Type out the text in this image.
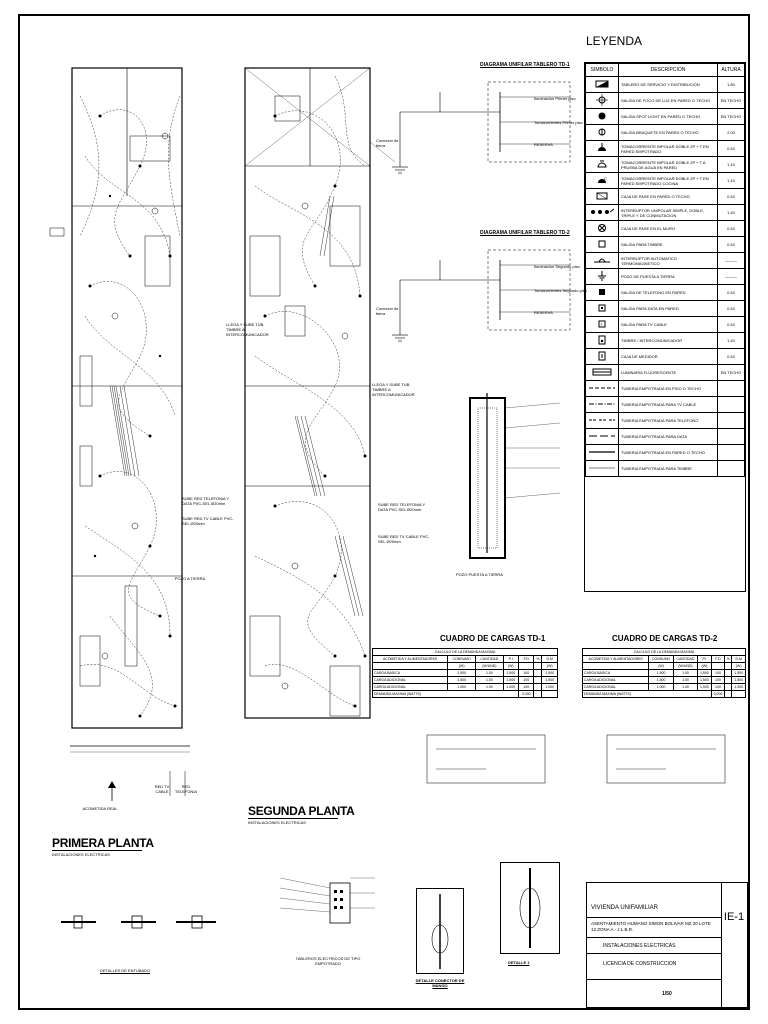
POZO A TIERRA
ACOMETIDA REAL
RED TV CABLE
RED TELEFONIA
PRIMERA PLANTA
INSTALACIONES ELECTRICAS
LLEGA Y SUBE TUB. TIMBRE A INTERCOMUNICADOR
LLEGA Y SUBE TUB. TIMBRE A INTERCOMUNICADOR
SUBE RED TELEFONIA Y DATA PVC-SEL Ø20mm
SUBE RED TV CABLE PVC-SEL Ø20mm
SUBE RED TELEFONIA Y DATA PVC-SEL Ø20mm
SUBE RED TV CABLE PVC-SEL Ø20mm
SEGUNDA PLANTA
INSTALACIONES ELECTRICAS
DIAGRAMA UNIFILAR TABLERO TD-1
Iluminacion Primer piso
Tomacorrientes Primer piso
RESERVA
Conexion de tierra
DIAGRAMA UNIFILAR TABLERO TD-2
Iluminacion Segundo piso
Tomacorrientes Segundo piso
RESERVA
Conexion de tierra
POZO PUESTA A TIERRA
LEYENDA
SIMBOLO	DESCRIPCION	ALTURA
	TABLERO DE SERVICIO Y DISTRIBUCION	1.80
	SALIDA DE FOCO DE LUZ EN PARED O TECHO	EN TECHO
	SALIDA SPOT LIGHT EN PARED O TECHO	EN TECHO
	SALIDA BRAQUETE EN PARED O TECHO	2.00
	TOMACORRIENTE BIPOLAR DOBLE 2P + T EN PARED EMPOTRADO	0.40
	TOMACORRIENTE BIPOLAR DOBLE 2P + T A PRUEBA DE AGUA EN PARED	1.10

C	TOMACORRIENTE BIPOLAR DOBLE 2P + T EN PARED EMPOTRADO COCINA	1.10
	CAJA DE PASE EN PARED O TECHO	0.40
	INTERRUPTOR UNIPOLAR SIMPLE, DOBLE, TRIPLE Y DE CONMUTACION	1.40
	CAJA DE PASE EN EL MURO	0.40
	SALIDA PARA TIMBRE	0.40
	INTERRUPTOR AUTOMATICO TERMOMAGNETICO	———
	POZO DE PUESTA A TIERRA	———
	SALIDA DE TELEFONO EN PARED	0.40
	SALIDA PARA DATA EN PARED	0.40

T	SALIDA PARA TV CABLE	0.40
	TIMBRE / INTERCOMUNICADOR	1.40
	CAJA DE MEDIDOR	0.40
	LUMINARIA FLUORESCENTE	EN TECHO
	TUBERIA EMPOTRADA EN PISO O TECHO	
	TUBERIA EMPOTRADA PARA TV CABLE	
	TUBERIA EMPOTRADA PARA TELEFONO	
	TUBERIA EMPOTRADA PARA DATA	
	TUBERIA EMPOTRADA EN PARED O TECHO	
	TUBERIA EMPOTRADA PARA TIMBRE	
CUADRO DE CARGAS TD-1
CALCULO DE LA DEMANDA MAXIMA						
ACOMETIDA Y ALIMENTADORES	CONSUMO	CANTIDAD	P.I	F.D	%	D.M
	(W)	(W/UND)	(W)			(W)
CARGA BASICA	1,500	1.00	1,500	100		1,500
CARGA ADICIONAL	1,500	1.00	1,500	100		1,500
CARGA ADICIONAL	1,000	1.00	1,000	100		1,000
DEMANDA MAXIMA (WATTS)				3,000		
CUADRO DE CARGAS TD-2
CALCULO DE LA DEMANDA MAXIMA						
ACOMETIDA Y ALIMENTADORES	CONSUMO	CANTIDAD	P.I	F.D	%	D.M
	(W)	(W/UND)	(W)			(W)
CARGA BASICA	1,500	1.00	1,500	100		1,500
CARGA ADICIONAL	1,500	1.00	1,500	100		1,500
CARGA ADICIONAL	1,000	1.00	1,000	100		1,000
DEMANDA MAXIMA (WATTS)				3,000		
DETALLES DE ENTUBADO
TABLEROS ELECTRICOS DE TIPO EMPOTRADO
DETALLE CONECTOR DE MANGO
DETALLE 1
VIVIENDA UNIFAMILIAR
ASENTAMIENTO HUMANO SIMON BOLIVAR MZ 20 LOTE 12 ZONA A - J.L.B.R.
INSTALACIONES ELECTRICAS
LICENCIA DE CONSTRUCCION
1/50
IE-1
